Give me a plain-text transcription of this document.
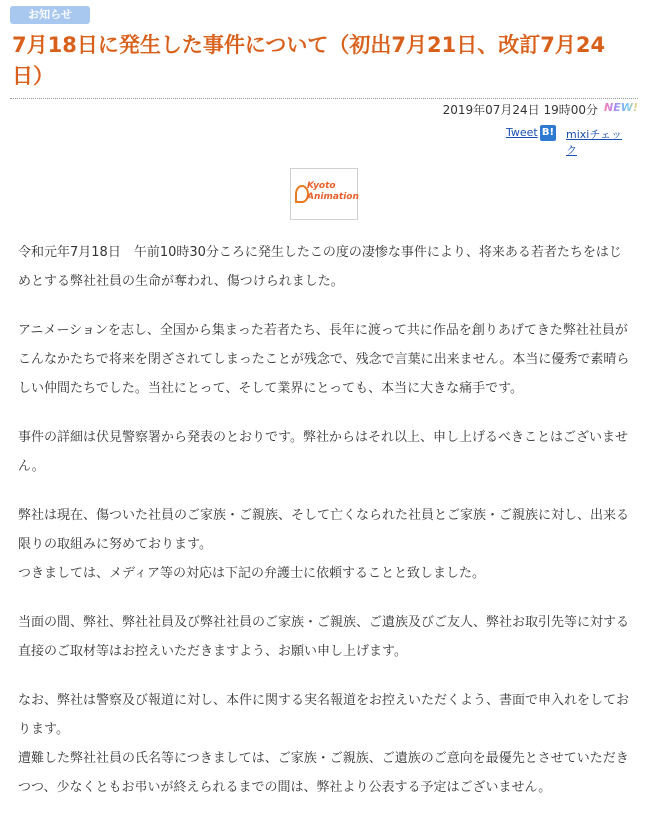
お知らせ
7月18日に発生した事件について（初出7月21日、改訂7月24日）
2019年07月24日 19時00分 NEW!
Tweet B! mixiチェック
Kyoto
Animation

令和元年7月18日　午前10時30分ころに発生したこの度の凄惨な事件により、将来ある若者たちをはじめとする弊社社員の生命が奪われ、傷つけられました。

アニメーションを志し、全国から集まった若者たち、長年に渡って共に作品を創りあげてきた弊社社員がこんなかたちで将来を閉ざされてしまったことが残念で、残念で言葉に出来ません。本当に優秀で素晴らしい仲間たちでした。当社にとって、そして業界にとっても、本当に大きな痛手です。

事件の詳細は伏見警察署から発表のとおりです。弊社からはそれ以上、申し上げるべきことはございません。

弊社は現在、傷ついた社員のご家族・ご親族、そして亡くなられた社員とご家族・ご親族に対し、出来る限りの取組みに努めております。
つきましては、メディア等の対応は下記の弁護士に依頼することと致しました。

当面の間、弊社、弊社社員及び弊社社員のご家族・ご親族、ご遺族及びご友人、弊社お取引先等に対する直接のご取材等はお控えいただきますよう、お願い申し上げます。

なお、弊社は警察及び報道に対し、本件に関する実名報道をお控えいただくよう、書面で申入れをしております。
遭難した弊社社員の氏名等につきましては、ご家族・ご親族、ご遺族のご意向を最優先とさせていただきつつ、少なくともお弔いが終えられるまでの間は、弊社より公表する予定はございません。
